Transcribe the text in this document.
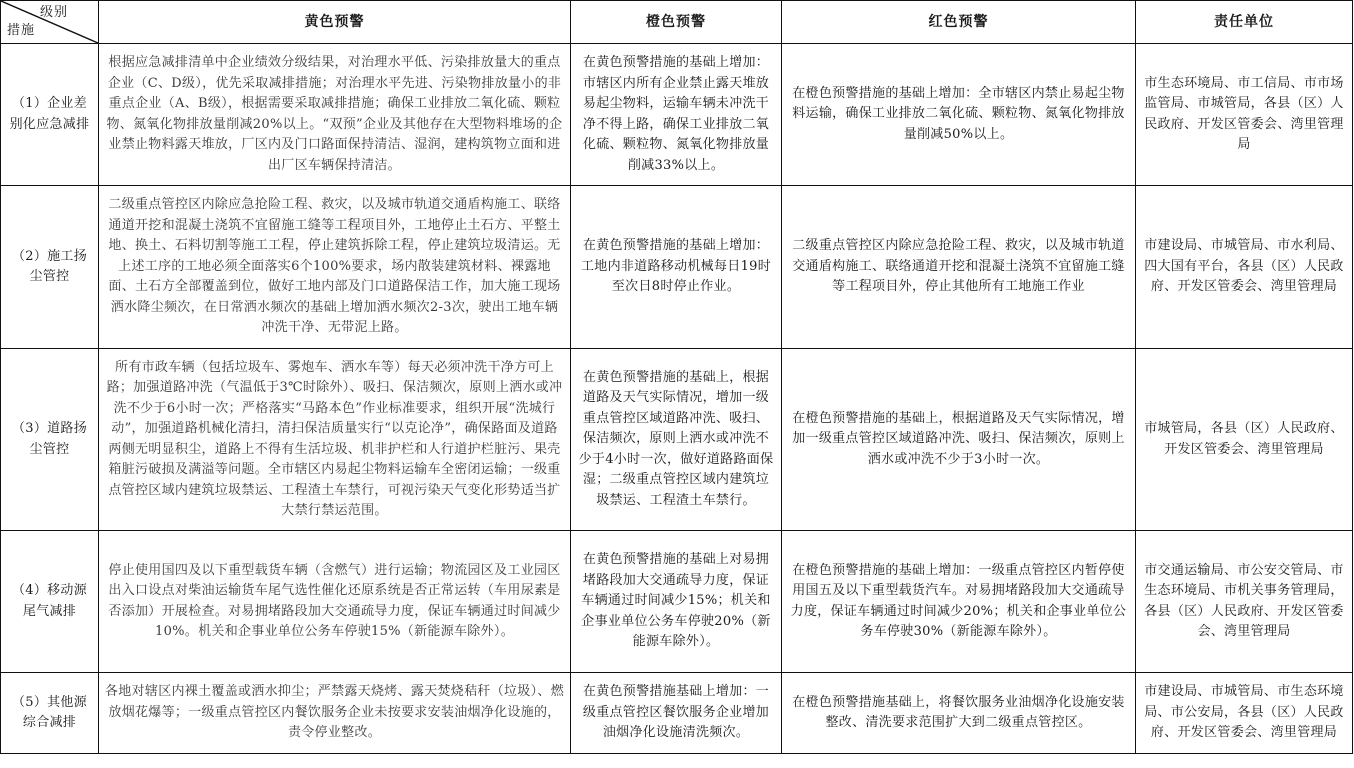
级别
措施	黄色预警	橙色预警	红色预警	责任单位
（1）企业差别化应急减排	根据应急减排清单中企业绩效分级结果，对治理水平低、污染排放量大的重点企业（C、D级），优先采取减排措施；对治理水平先进、污染物排放量小的非重点企业（A、B级），根据需要采取减排措施；确保工业排放二氧化硫、颗粒物、氮氧化物排放量削减20%以上。“双预”企业及其他存在大型物料堆场的企业禁止物料露天堆放，厂区内及门口路面保持清洁、湿润，建构筑物立面和进出厂区车辆保持清洁。	在黄色预警措施的基础上增加：市辖区内所有企业禁止露天堆放易起尘物料，运输车辆未冲洗干净不得上路，确保工业排放二氧化硫、颗粒物、氮氧化物排放量削减33%以上。	在橙色预警措施的基础上增加：全市辖区内禁止易起尘物料运输，确保工业排放二氧化硫、颗粒物、氮氧化物排放量削减50%以上。	市生态环境局、市工信局、市市场监管局、市城管局，各县（区）人民政府、开发区管委会、湾里管理局
（2）施工扬尘管控	二级重点管控区内除应急抢险工程、救灾，以及城市轨道交通盾构施工、联络通道开挖和混凝土浇筑不宜留施工缝等工程项目外，工地停止土石方、平整土地、换土、石料切割等施工工程，停止建筑拆除工程，停止建筑垃圾清运。无上述工序的工地必须全面落实6个100%要求，场内散装建筑材料、裸露地面、土石方全部覆盖到位，做好工地内部及门口道路保洁工作，加大施工现场洒水降尘频次，在日常洒水频次的基础上增加洒水频次2-3次，驶出工地车辆冲洗干净、无带泥上路。	在黄色预警措施的基础上增加：工地内非道路移动机械每日19时至次日8时停止作业。	二级重点管控区内除应急抢险工程、救灾，以及城市轨道交通盾构施工、联络通道开挖和混凝土浇筑不宜留施工缝等工程项目外，停止其他所有工地施工作业	市建设局、市城管局、市水利局、四大国有平台，各县（区）人民政府、开发区管委会、湾里管理局
（3）道路扬尘管控	所有市政车辆（包括垃圾车、雾炮车、洒水车等）每天必须冲洗干净方可上路；加强道路冲洗（气温低于3℃时除外）、吸扫、保洁频次，原则上洒水或冲洗不少于6小时一次；严格落实“马路本色”作业标准要求，组织开展“洗城行动”，加强道路机械化清扫，清扫保洁质量实行“以克论净”，确保路面及道路两侧无明显积尘，道路上不得有生活垃圾、机非护栏和人行道护栏脏污、果壳箱脏污破损及满溢等问题。全市辖区内易起尘物料运输车全密闭运输；一级重点管控区域内建筑垃圾禁运、工程渣土车禁行，可视污染天气变化形势适当扩大禁行禁运范围。	在黄色预警措施的基础上，根据道路及天气实际情况，增加一级重点管控区域道路冲洗、吸扫、保洁频次，原则上洒水或冲洗不少于4小时一次，做好道路路面保湿；二级重点管控区域内建筑垃圾禁运、工程渣土车禁行。	在橙色预警措施的基础上，根据道路及天气实际情况，增加一级重点管控区域道路冲洗、吸扫、保洁频次，原则上洒水或冲洗不少于3小时一次。	市城管局，各县（区）人民政府、开发区管委会、湾里管理局
（4）移动源尾气减排	停止使用国四及以下重型载货车辆（含燃气）进行运输；物流园区及工业园区出入口设点对柴油运输货车尾气选性催化还原系统是否正常运转（车用尿素是否添加）开展检查。对易拥堵路段加大交通疏导力度，保证车辆通过时间减少10%。机关和企事业单位公务车停驶15%（新能源车除外）。	在黄色预警措施的基础上对易拥堵路段加大交通疏导力度，保证车辆通过时间减少15%；机关和企事业单位公务车停驶20%（新能源车除外）。	在橙色预警措施的基础上增加：一级重点管控区内暂停使用国五及以下重型载货汽车。对易拥堵路段加大交通疏导力度，保证车辆通过时间减少20%；机关和企事业单位公务车停驶30%（新能源车除外）。	市交通运输局、市公安交管局、市生态环境局、市机关事务管理局，各县（区）人民政府、开发区管委会、湾里管理局
（5）其他源综合减排	各地对辖区内裸土覆盖或洒水抑尘；严禁露天烧烤、露天焚烧秸秆（垃圾）、燃放烟花爆等；一级重点管控区内餐饮服务企业未按要求安装油烟净化设施的，责令停业整改。	在黄色预警措施基础上增加：一级重点管控区餐饮服务企业增加油烟净化设施清洗频次。	在橙色预警措施基础上，将餐饮服务业油烟净化设施安装整改、清洗要求范围扩大到二级重点管控区。	市建设局、市城管局、市生态环境局、市公安局，各县（区）人民政府、开发区管委会、湾里管理局
